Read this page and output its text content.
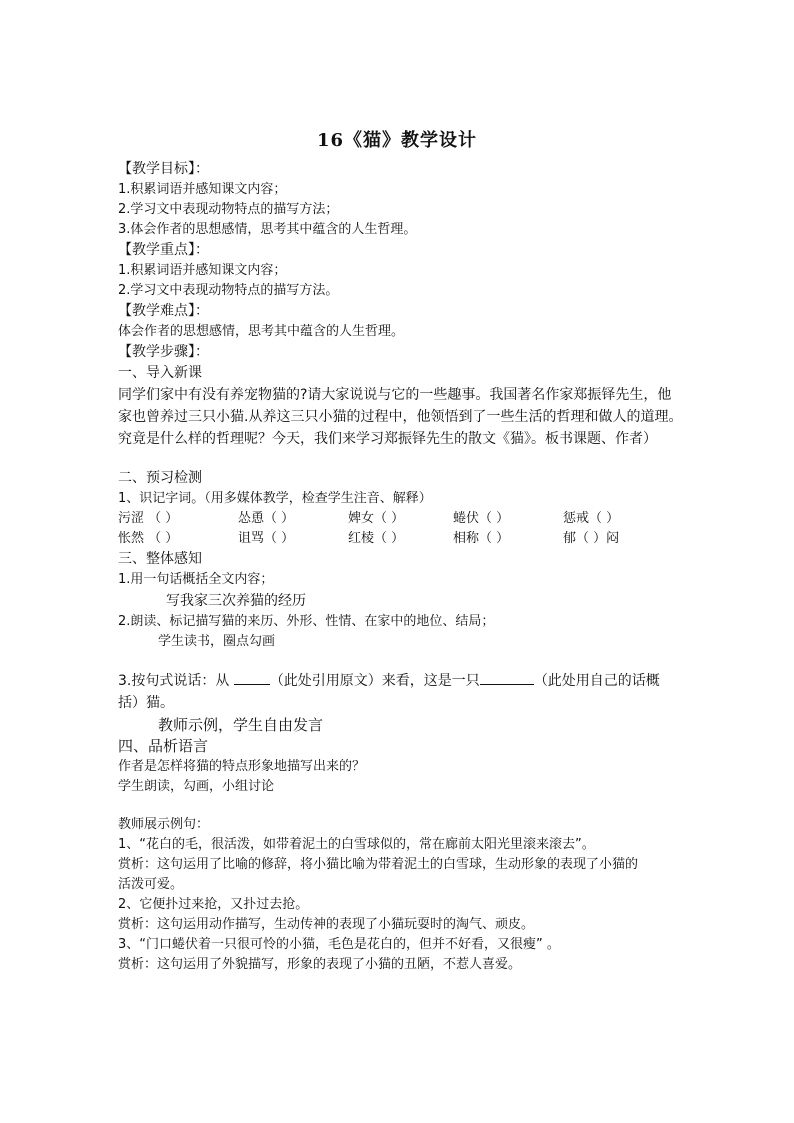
16《猫》教学设计
【教学目标】：
1.积累词语并感知课文内容；
2.学习文中表现动物特点的描写方法；
3.体会作者的思想感情，思考其中蕴含的人生哲理。
【教学重点】：
1.积累词语并感知课文内容；
2.学习文中表现动物特点的描写方法。
【教学难点】：
体会作者的思想感情，思考其中蕴含的人生哲理。
【教学步骤】：
一、导入新课
同学们家中有没有养宠物猫的?请大家说说与它的一些趣事。我国著名作家郑振铎先生，他
家也曾养过三只小猫.从养这三只小猫的过程中，他领悟到了一些生活的哲理和做人的道理。
究竟是什么样的哲理呢？今天，我们来学习郑振铎先生的散文《猫》。板书课题、作者）
二、预习检测
1、识记字词。（用多媒体教学，检查学生注音、解释）
污涩 （ ）	怂恿（ ）	婢女（ ）	蜷伏（ ）	惩戒（ ）
怅然 （ ）	诅骂（ ）	红棱（ ）	相称（ ）	郁（ ）闷
三、整体感知
1.用一句话概括全文内容；
写我家三次养猫的经历
2.朗读、标记描写猫的来历、外形、性情、在家中的地位、结局；
学生读书，圈点勾画
3.按句式说话：从	（此处引用原文）来看，这是一只	（此处用自己的话概
括）猫。
教师示例，学生自由发言
四、品析语言
作者是怎样将猫的特点形象地描写出来的？
学生朗读，勾画，小组讨论
教师展示例句：
1、“花白的毛，很活泼，如带着泥土的白雪球似的，常在廊前太阳光里滚来滚去”。
赏析：这句运用了比喻的修辞，将小猫比喻为带着泥土的白雪球，生动形象的表现了小猫的
活泼可爱。
2、它便扑过来抢，又扑过去抢。
赏析：这句运用动作描写，生动传神的表现了小猫玩耍时的淘气、顽皮。
3、“门口蜷伏着一只很可怜的小猫，毛色是花白的，但并不好看，又很瘦” 。
赏析：这句运用了外貌描写，形象的表现了小猫的丑陋，不惹人喜爱。
